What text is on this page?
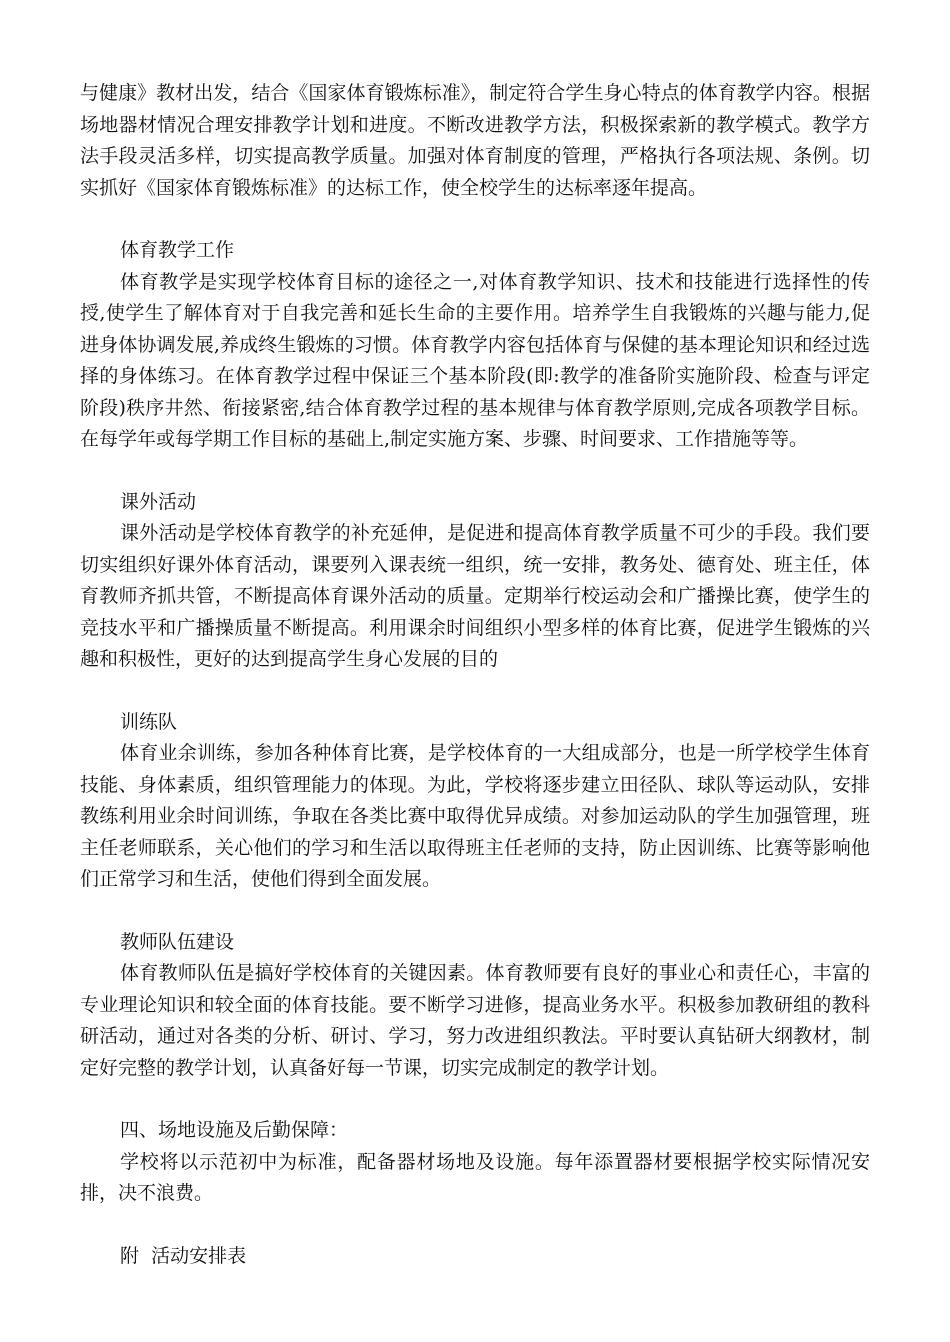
与健康》教材出发，结合《国家体育锻炼标准》，制定符合学生身心特点的体育教学内容。根据场地器材情况合理安排教学计划和进度。不断改进教学方法，积极探索新的教学模式。教学方法手段灵活多样，切实提高教学质量。加强对体育制度的管理，严格执行各项法规、条例。切实抓好《国家体育锻炼标准》的达标工作，使全校学生的达标率逐年提高。

体育教学工作

体育教学是实现学校体育目标的途径之一,对体育教学知识、技术和技能进行选择性的传授,使学生了解体育对于自我完善和延长生命的主要作用。培养学生自我锻炼的兴趣与能力,促进身体协调发展,养成终生锻炼的习惯。体育教学内容包括体育与保健的基本理论知识和经过选择的身体练习。在体育教学过程中保证三个基本阶段(即:教学的准备阶实施阶段、检查与评定阶段)秩序井然、衔接紧密,结合体育教学过程的基本规律与体育教学原则,完成各项教学目标。在每学年或每学期工作目标的基础上,制定实施方案、步骤、时间要求、工作措施等等。

课外活动

课外活动是学校体育教学的补充延伸，是促进和提高体育教学质量不可少的手段。我们要切实组织好课外体育活动，课要列入课表统一组织，统一安排，教务处、德育处、班主任，体育教师齐抓共管，不断提高体育课外活动的质量。定期举行校运动会和广播操比赛，使学生的竞技水平和广播操质量不断提高。利用课余时间组织小型多样的体育比赛，促进学生锻炼的兴趣和积极性，更好的达到提高学生身心发展的目的

训练队

体育业余训练，参加各种体育比赛，是学校体育的一大组成部分，也是一所学校学生体育技能、身体素质，组织管理能力的体现。为此，学校将逐步建立田径队、球队等运动队，安排教练利用业余时间训练，争取在各类比赛中取得优异成绩。对参加运动队的学生加强管理，班主任老师联系，关心他们的学习和生活以取得班主任老师的支持，防止因训练、比赛等影响他们正常学习和生活，使他们得到全面发展。

教师队伍建设

体育教师队伍是搞好学校体育的关键因素。体育教师要有良好的事业心和责任心，丰富的专业理论知识和较全面的体育技能。要不断学习进修，提高业务水平。积极参加教研组的教科研活动，通过对各类的分析、研讨、学习，努力改进组织教法。平时要认真钻研大纲教材，制定好完整的教学计划，认真备好每一节课，切实完成制定的教学计划。

四、场地设施及后勤保障：

学校将以示范初中为标准，配备器材场地及设施。每年添置器材要根据学校实际情况安排，决不浪费。

附  活动安排表
